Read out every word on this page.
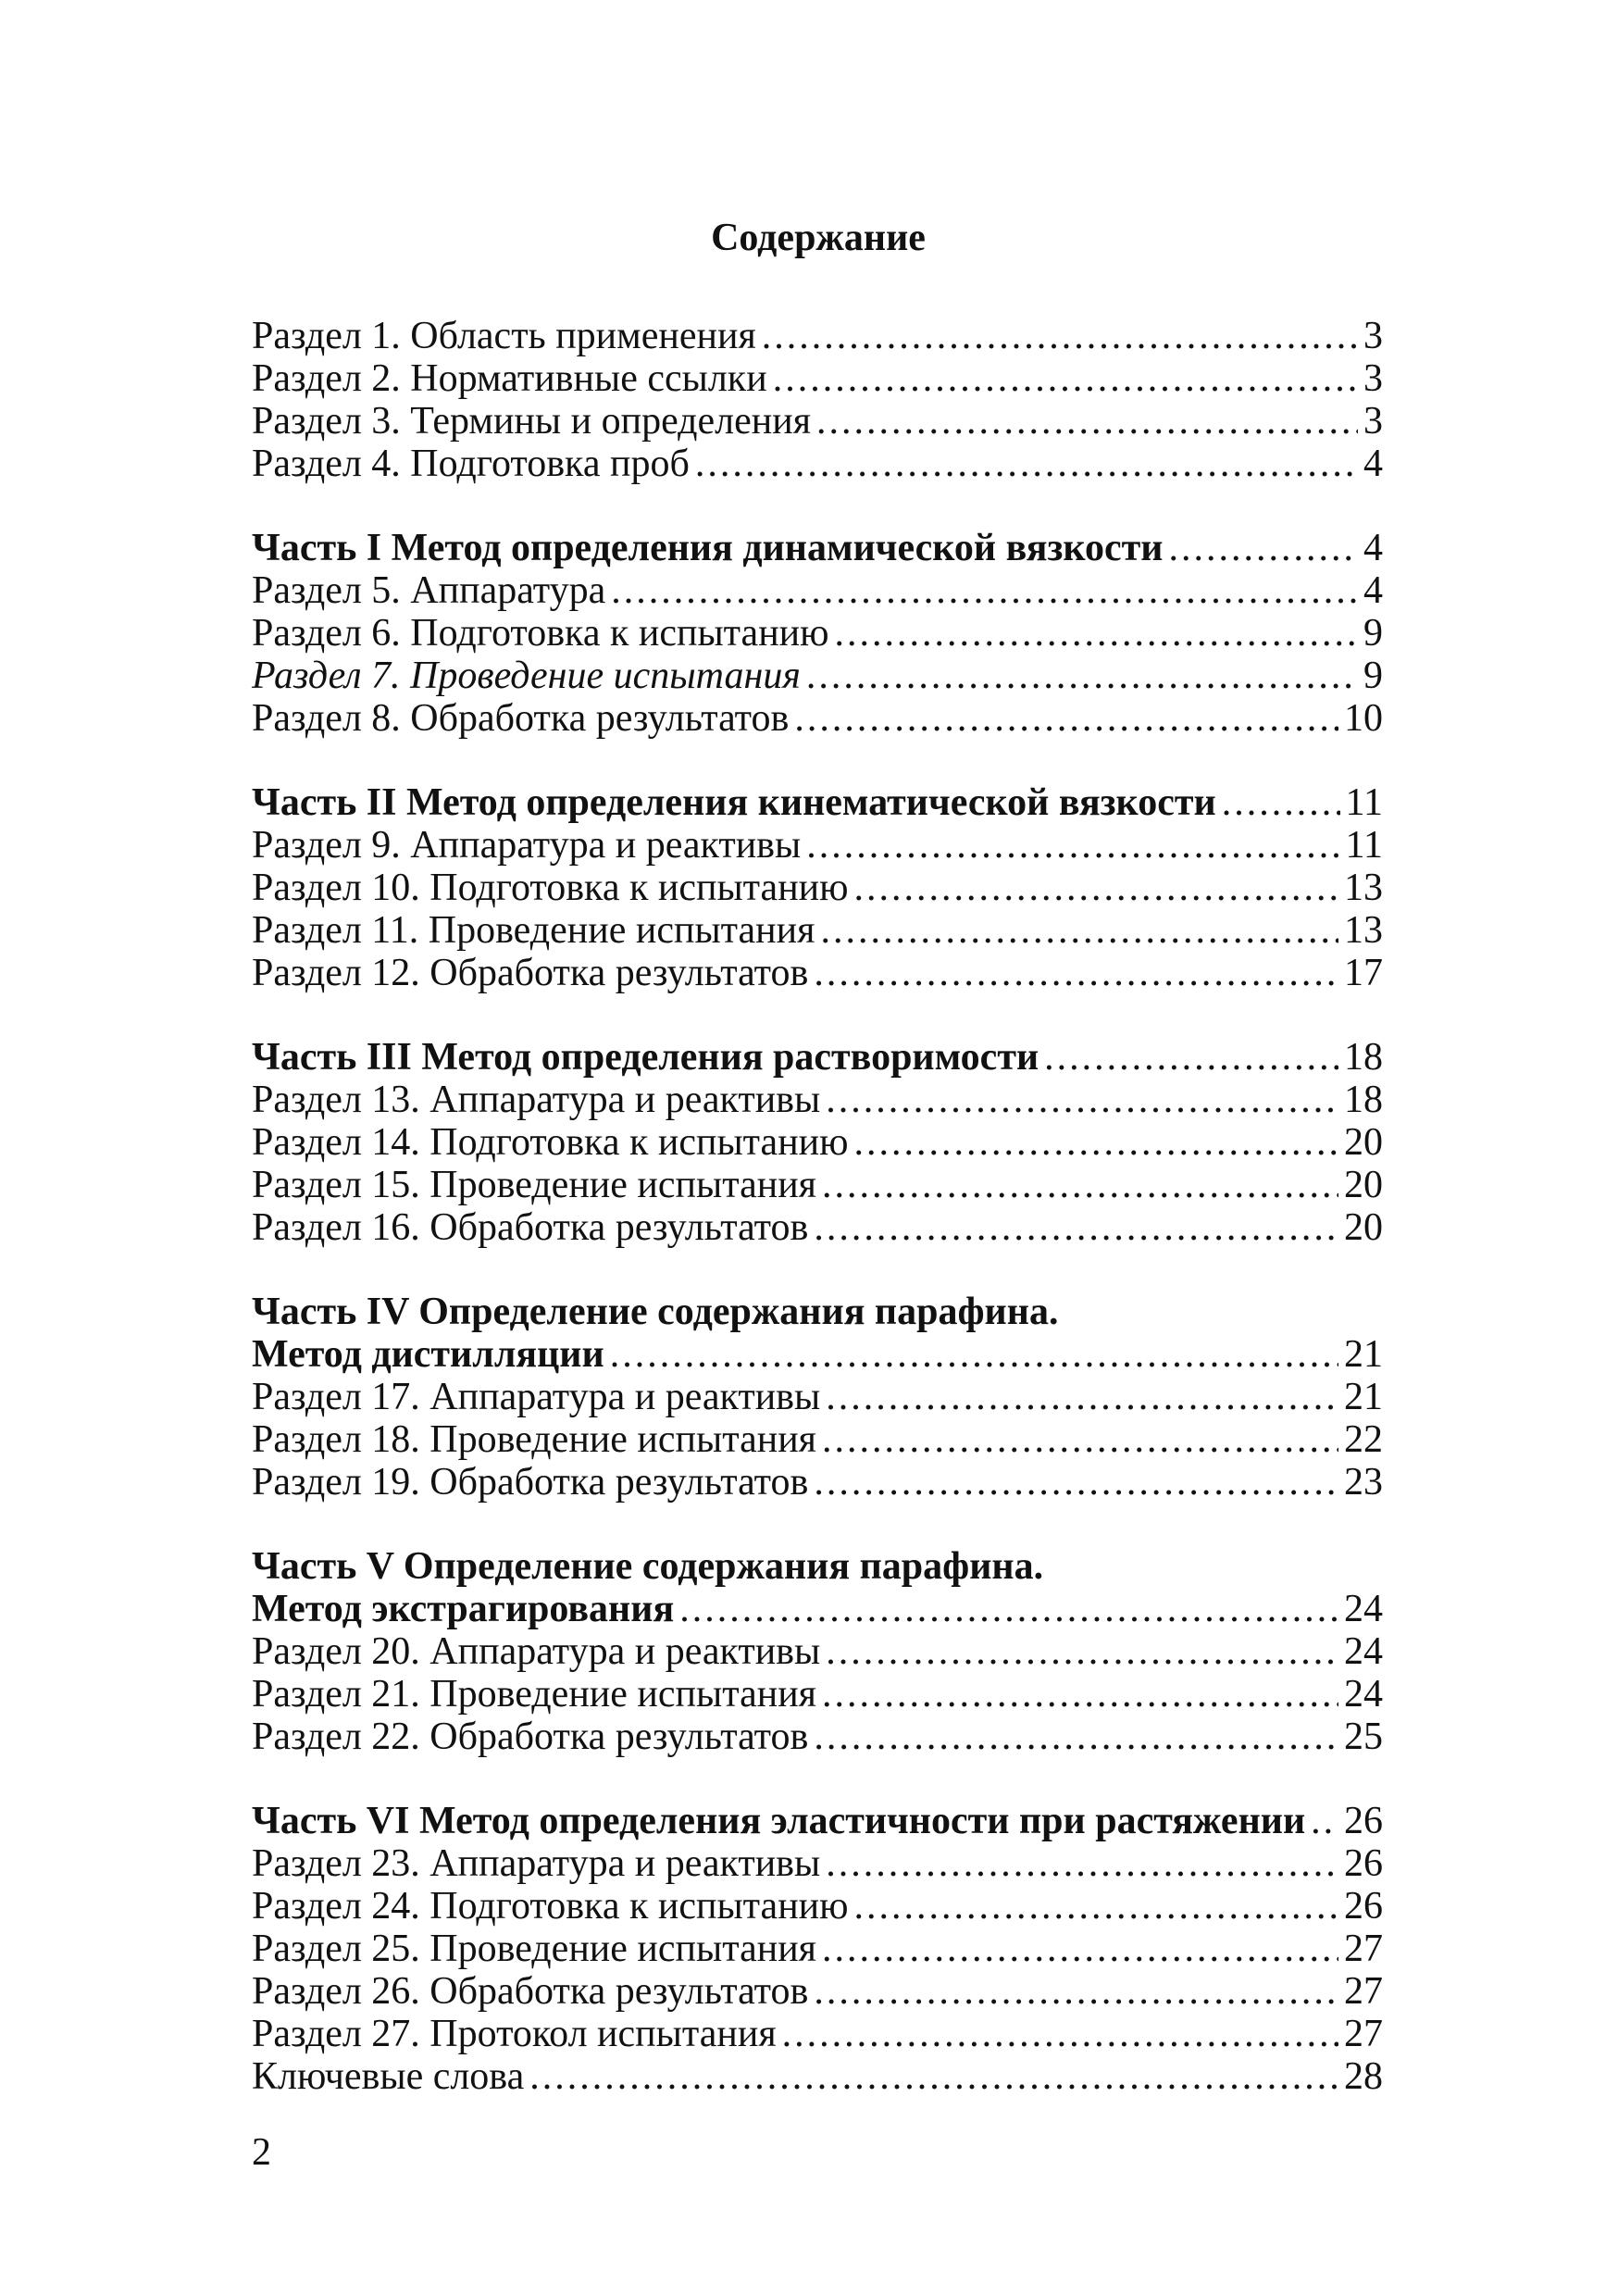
Содержание
Раздел 1. Область применения .....	3
Раздел 2. Нормативные ссылки .....	3
Раздел 3. Термины и определения .....	3
Раздел 4. Подготовка проб .....	4
Часть I Метод определения динамической вязкости .....	4
Раздел 5. Аппаратура .....	4
Раздел 6. Подготовка к испытанию .....	9
Раздел 7. Проведение испытания .....	9
Раздел 8. Обработка результатов .....	10
Часть II Метод определения кинематической вязкости .....	11
Раздел 9. Аппаратура и реактивы .....	11
Раздел 10. Подготовка к испытанию .....	13
Раздел 11. Проведение испытания .....	13
Раздел 12. Обработка результатов .....	17
Часть III Метод определения растворимости .....	18
Раздел 13. Аппаратура и реактивы .....	18
Раздел 14. Подготовка к испытанию .....	20
Раздел 15. Проведение испытания .....	20
Раздел 16. Обработка результатов .....	20
Часть IV Определение содержания парафина.
Метод дистилляции .....	21
Раздел 17. Аппаратура и реактивы .....	21
Раздел 18. Проведение испытания .....	22
Раздел 19. Обработка результатов .....	23
Часть V Определение содержания парафина.
Метод экстрагирования .....	24
Раздел 20. Аппаратура и реактивы .....	24
Раздел 21. Проведение испытания .....	24
Раздел 22. Обработка результатов .....	25
Часть VI Метод определения эластичности при растяжении ..... 26
Раздел 23. Аппаратура и реактивы .....	26
Раздел 24. Подготовка к испытанию .....	26
Раздел 25. Проведение испытания .....	27
Раздел 26. Обработка результатов .....	27
Раздел 27. Протокол испытания .....	27
Ключевые слова .....	28
2
